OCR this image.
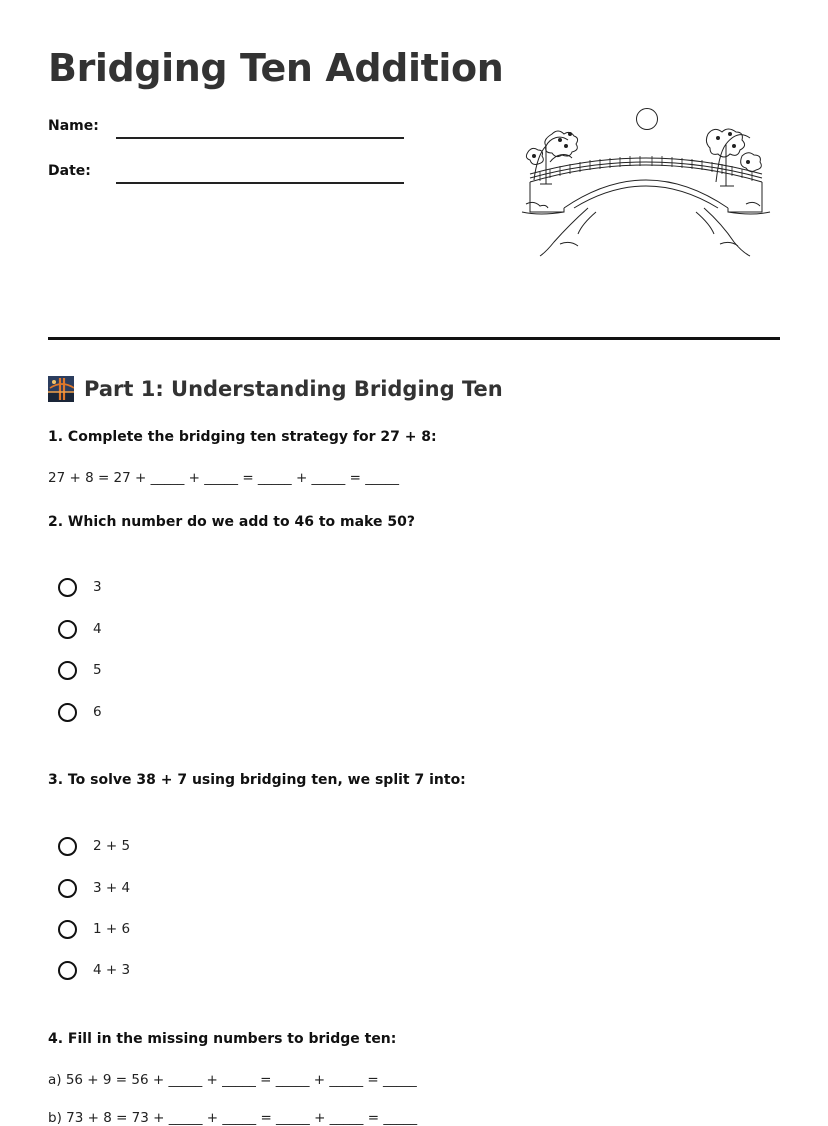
Bridging Ten Addition
Name:
Date:
Part 1: Understanding Bridging Ten
1. Complete the bridging ten strategy for 27 + 8:
27 + 8 = 27 + _____ + _____ = _____ + _____ = _____
2. Which number do we add to 46 to make 50?
3
4
5
6
3. To solve 38 + 7 using bridging ten, we split 7 into:
2 + 5
3 + 4
1 + 6
4 + 3
4. Fill in the missing numbers to bridge ten:
a) 56 + 9 = 56 + _____ + _____ = _____ + _____ = _____
b) 73 + 8 = 73 + _____ + _____ = _____ + _____ = _____
